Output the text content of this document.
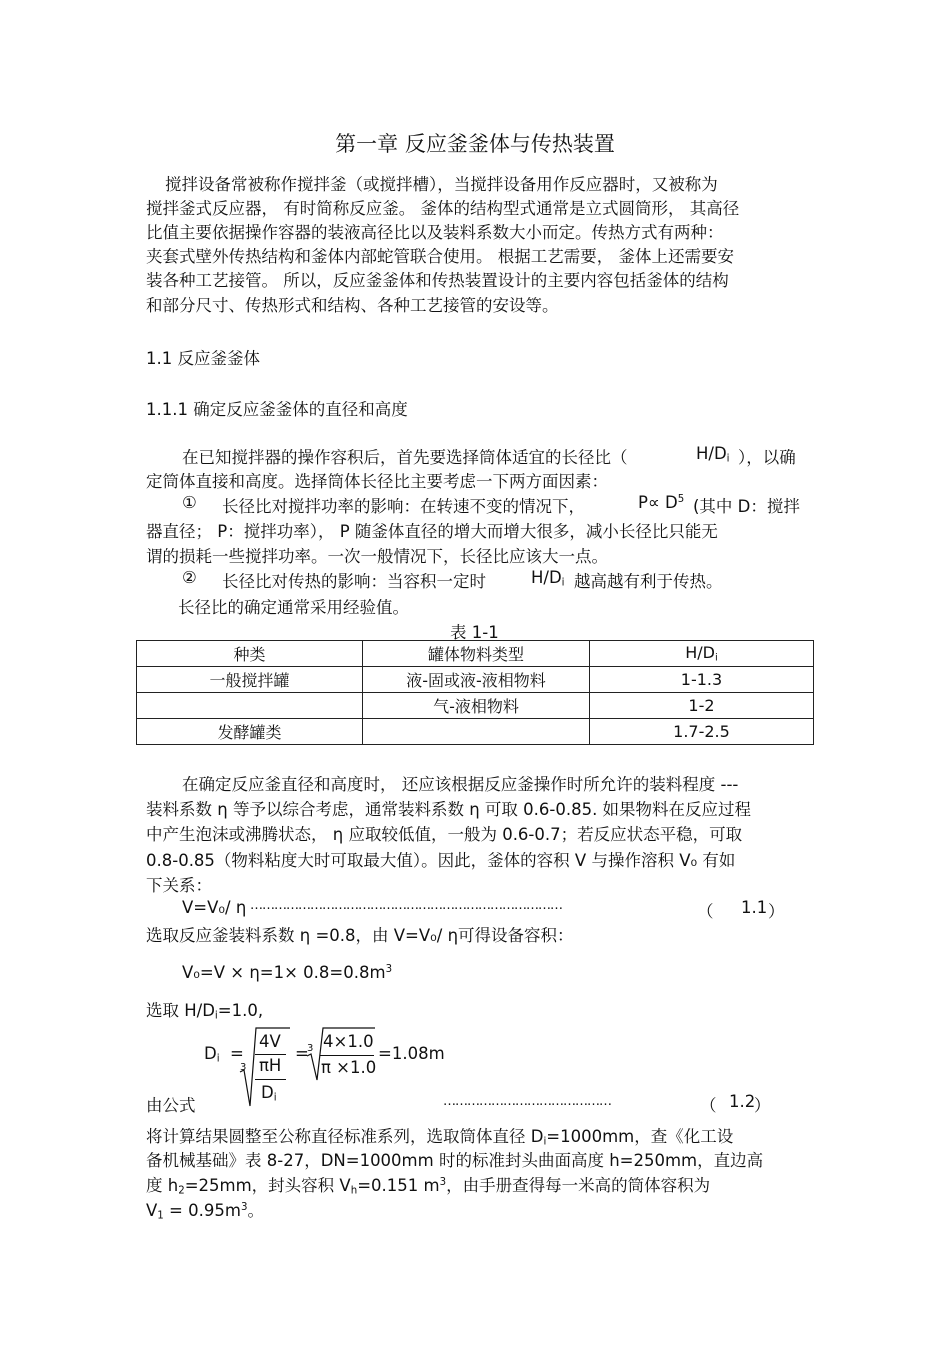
第一章 反应釜釜体与传热装置
搅拌设备常被称作搅拌釜（或搅拌槽），当搅拌设备用作反应器时，又被称为
搅拌釜式反应器， 有时简称反应釜。 釜体的结构型式通常是立式圆筒形， 其高径
比值主要依据操作容器的装液高径比以及装料系数大小而定。传热方式有两种：
夹套式壁外传热结构和釜体内部蛇管联合使用。 根据工艺需要， 釜体上还需要安
装各种工艺接管。 所以，反应釜釜体和传热装置设计的主要内容包括釜体的结构
和部分尺寸、传热形式和结构、各种工艺接管的安设等。
1.1 反应釜釜体
1.1.1 确定反应釜釜体的直径和高度
在已知搅拌器的操作容积后，首先要选择筒体适宜的长径比（	$H/D_i$ ），以确
定筒体直接和高度。选择筒体长径比主要考虑一下两方面因素：
① 长径比对搅拌功率的影响：在转速不变的情况下，	$P\propto D^5$ (其中 D：搅拌
器直径； P：搅拌功率）， P 随釜体直径的增大而增大很多，减小长径比只能无
谓的损耗一些搅拌功率。一次一般情况下，长径比应该大一点。
② 长径比对传热的影响：当容积一定时	$H/D_i$ 越高越有利于传热。
长径比的确定通常采用经验值。
表 1-1
种类	罐体物料类型	$H/D_i$
一般搅拌罐	液-固或液-液相物料	1-1.3
	气-液相物料	1-2
发酵罐类		1.7-2.5
在确定反应釜直径和高度时， 还应该根据反应釜操作时所允许的装料程度 ---
装料系数 η 等予以综合考虑，通常装料系数 η 可取 0.6-0.85. 如果物料在反应过程
中产生泡沫或沸腾状态， η 应取较低值，一般为 0.6-0.7；若反应状态平稳，可取
0.8-0.85（物料粘度大时可取最大值）。因此，釜体的容积 V 与操作溶积 V₀ 有如
下关系：
V=V₀/ η ……………………………………………………………………	（ 1.1 ）
选取反应釜装料系数 η =0.8，由 V=V₀/ η可得设备容积：
$V_0=V \times \eta=1\times 0.8=0.8m^3$
选取 $H/D_i=1.0$,
$D_i$ =
3
4V
πH
$D_i$
=
3 4×1.0
π ×1.0
=1.08m
由公式	……………………………………	（ 1.2
）
将计算结果圆整至公称直径标准系列，选取筒体直径 $D_i=1000mm$，查《化工设
备机械基础》表 8-27，DN=1000mm 时的标准封头曲面高度 h=250mm，直边高
度 $h_2=25mm$，封头容积 $V_h=0.151$ $m^3$，由手册查得每一米高的筒体容积为
$V_1 = 0.95m^3$。
